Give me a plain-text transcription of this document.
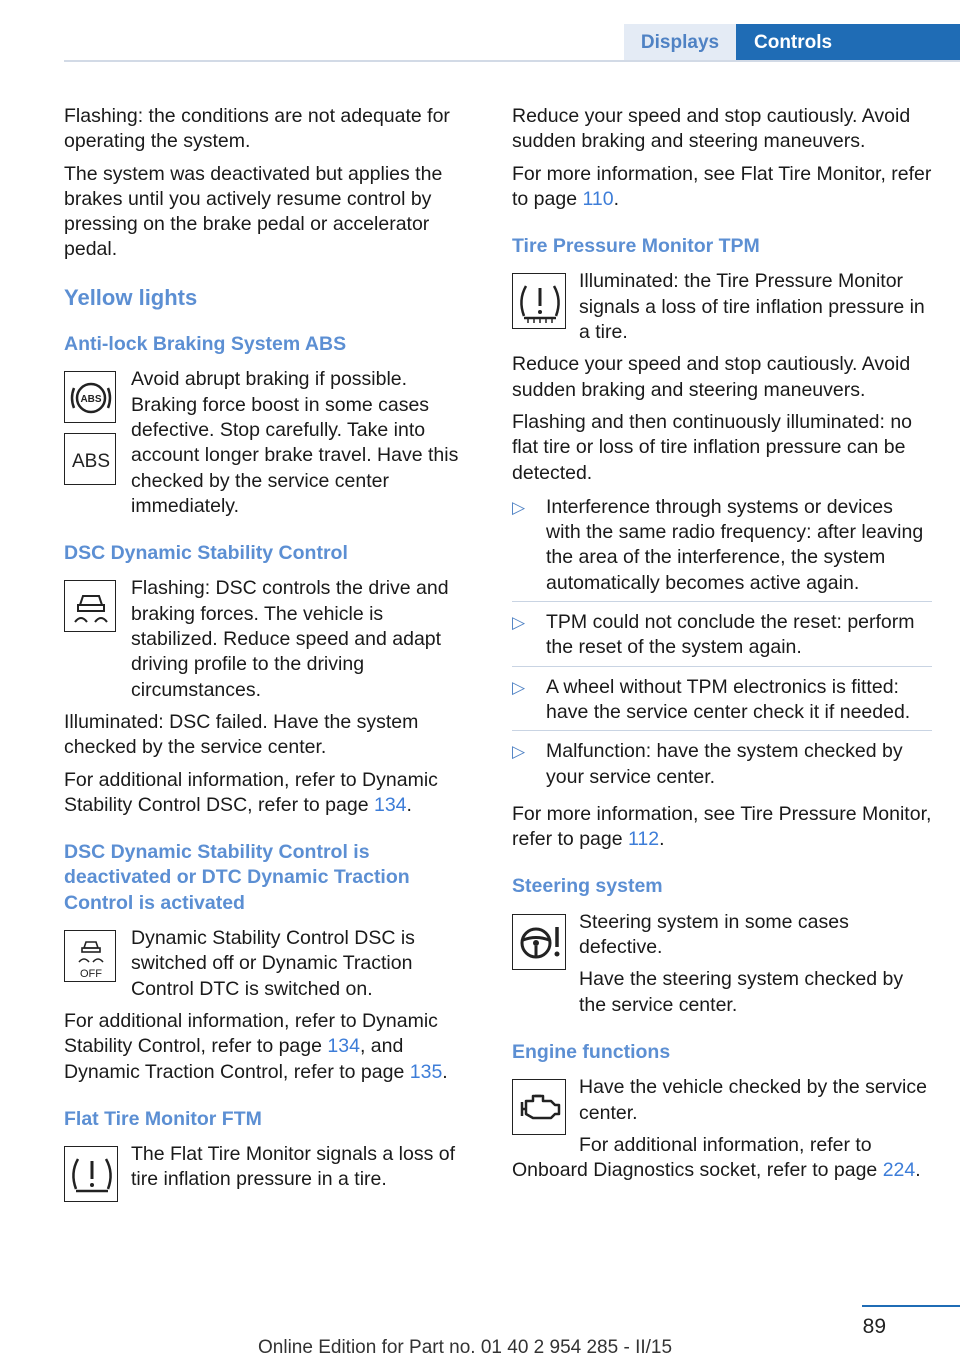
Displays	Controls

Flashing: the conditions are not adequate for operating the system.

The system was deactivated but applies the brakes until you actively resume control by pressing on the brake pedal or accelerator pedal.

Yellow lights
Anti-lock Braking System ABS
ABS
ABS

Avoid abrupt braking if possible. Braking force boost in some cases defective. Stop carefully. Take into account longer brake travel. Have this checked by the service center immediately.

DSC Dynamic Stability Control

Flashing: DSC controls the drive and braking forces. The vehicle is stabilized. Reduce speed and adapt driving profile to the driving circumstances.

Illuminated: DSC failed. Have the system checked by the service center.

For additional information, refer to Dynamic Stability Control DSC, refer to page 134.

DSC Dynamic Stability Control is deactivated or DTC Dynamic Traction Control is activated
OFF

Dynamic Stability Control DSC is switched off or Dynamic Traction Control DTC is switched on.

For additional information, refer to Dynamic Stability Control, refer to page 134, and Dynamic Traction Control, refer to page 135.

Flat Tire Monitor FTM

The Flat Tire Monitor signals a loss of tire inflation pressure in a tire.

Reduce your speed and stop cautiously. Avoid sudden braking and steering maneuvers.

For more information, see Flat Tire Monitor, refer to page 110.

Tire Pressure Monitor TPM

Illuminated: the Tire Pressure Monitor signals a loss of tire inflation pressure in a tire.

Reduce your speed and stop cautiously. Avoid sudden braking and steering maneuvers.

Flashing and then continuously illuminated: no flat tire or loss of tire inflation pressure can be detected.

▷ Interference through systems or devices with the same radio frequency: after leaving the area of the interference, the system automatically becomes active again.
▷ TPM could not conclude the reset: perform the reset of the system again.
▷ A wheel without TPM electronics is fitted: have the service center check it if needed.
▷ Malfunction: have the system checked by your service center.

For more information, see Tire Pressure Monitor, refer to page 112.

Steering system

Steering system in some cases defective.

Have the steering system checked by the service center.

Engine functions

Have the vehicle checked by the service center.

For additional information, refer to Onboard Diagnostics socket, refer to page 224.

89
Online Edition for Part no. 01 40 2 954 285 - II/15
